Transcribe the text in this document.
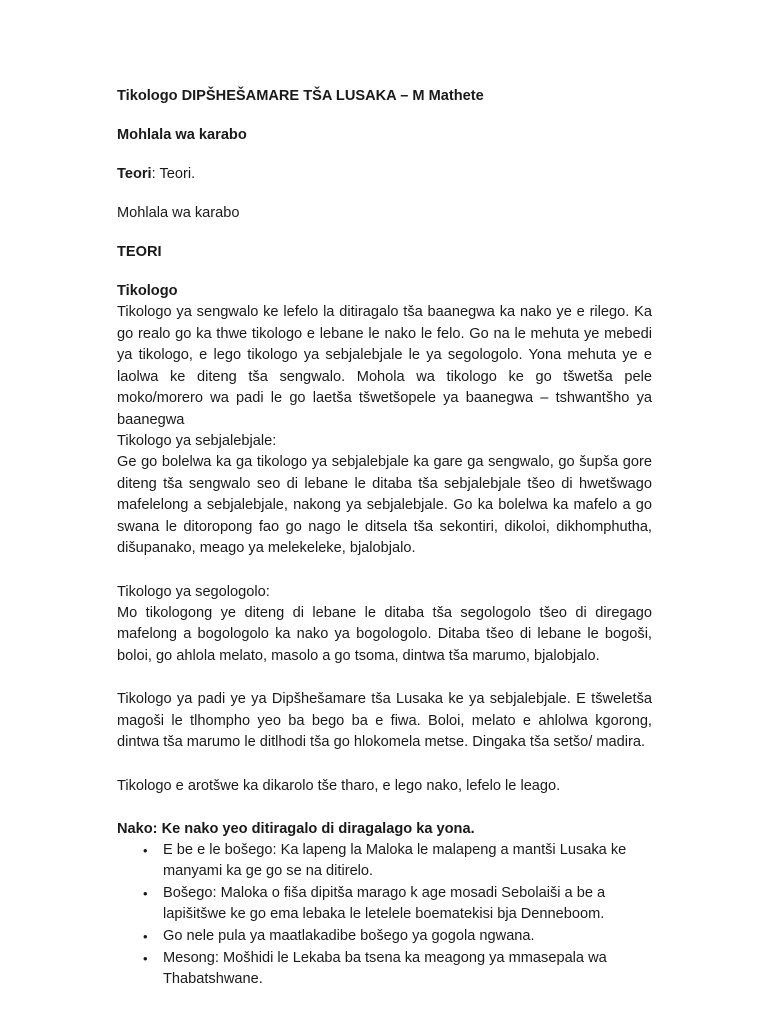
Tikologo DIPŠHEŠAMARE TŠA LUSAKA – M Mathete

Mohlala wa karabo

Teori: Teori.

Mohlala wa karabo

TEORI

Tikologo

Tikologo ya sengwalo ke lefelo la ditiragalo tša baanegwa ka nako ye e rilego. Ka go realo go ka thwe tikologo e lebane le nako le felo. Go na le mehuta ye mebedi ya tikologo, e lego tikologo ya sebjalebjale le ya segologolo. Yona mehuta ye e laolwa ke diteng tša sengwalo. Mohola wa tikologo ke go tšwetša pele moko/morero wa padi le go laetša tšwetšopele ya baanegwa – tshwantšho ya baanegwa

Tikologo ya sebjalebjale:

Ge go bolelwa ka ga tikologo ya sebjalebjale ka gare ga sengwalo, go šupša gore diteng tša sengwalo seo di lebane le ditaba tša sebjalebjale tšeo di hwetšwago mafelelong a sebjalebjale, nakong ya sebjalebjale. Go ka bolelwa ka mafelo a go swana le ditoropong fao go nago le ditsela tša sekontiri, dikoloi, dikhomphutha, dišupanako, meago ya melekeleke, bjalobjalo.

Tikologo ya segologolo:

Mo tikologong ye diteng di lebane le ditaba tša segologolo tšeo di diregago mafelong a bogologolo ka nako ya bogologolo. Ditaba tšeo di lebane le bogoši, boloi, go ahlola melato, masolo a go tsoma, dintwa tša marumo, bjalobjalo.

Tikologo ya padi ye ya Dipšhešamare tša Lusaka ke ya sebjalebjale. E tšweletša magoši le tlhompho yeo ba bego ba e fiwa. Boloi, melato e ahlolwa kgorong, dintwa tša marumo le ditlhodi tša go hlokomela metse. Dingaka tša setšo/ madira.

Tikologo e arotšwe ka dikarolo tše tharo, e lego nako, lefelo le leago.

Nako: Ke nako yeo ditiragalo di diragalago ka yona.

• E be e le bošego: Ka lapeng la Maloka le malapeng a mantši Lusaka ke manyami ka ge go se na ditirelo.
• Bošego: Maloka o fiša dipitša marago k age mosadi Sebolaiši a be a lapišitšwe ke go ema lebaka le letelele boematekisi bja Denneboom.
• Go nele pula ya maatlakadibe bošego ya gogola ngwana.
• Mesong: Mošhidi le Lekaba ba tsena ka meagong ya mmasepala wa Thabatshwane.
